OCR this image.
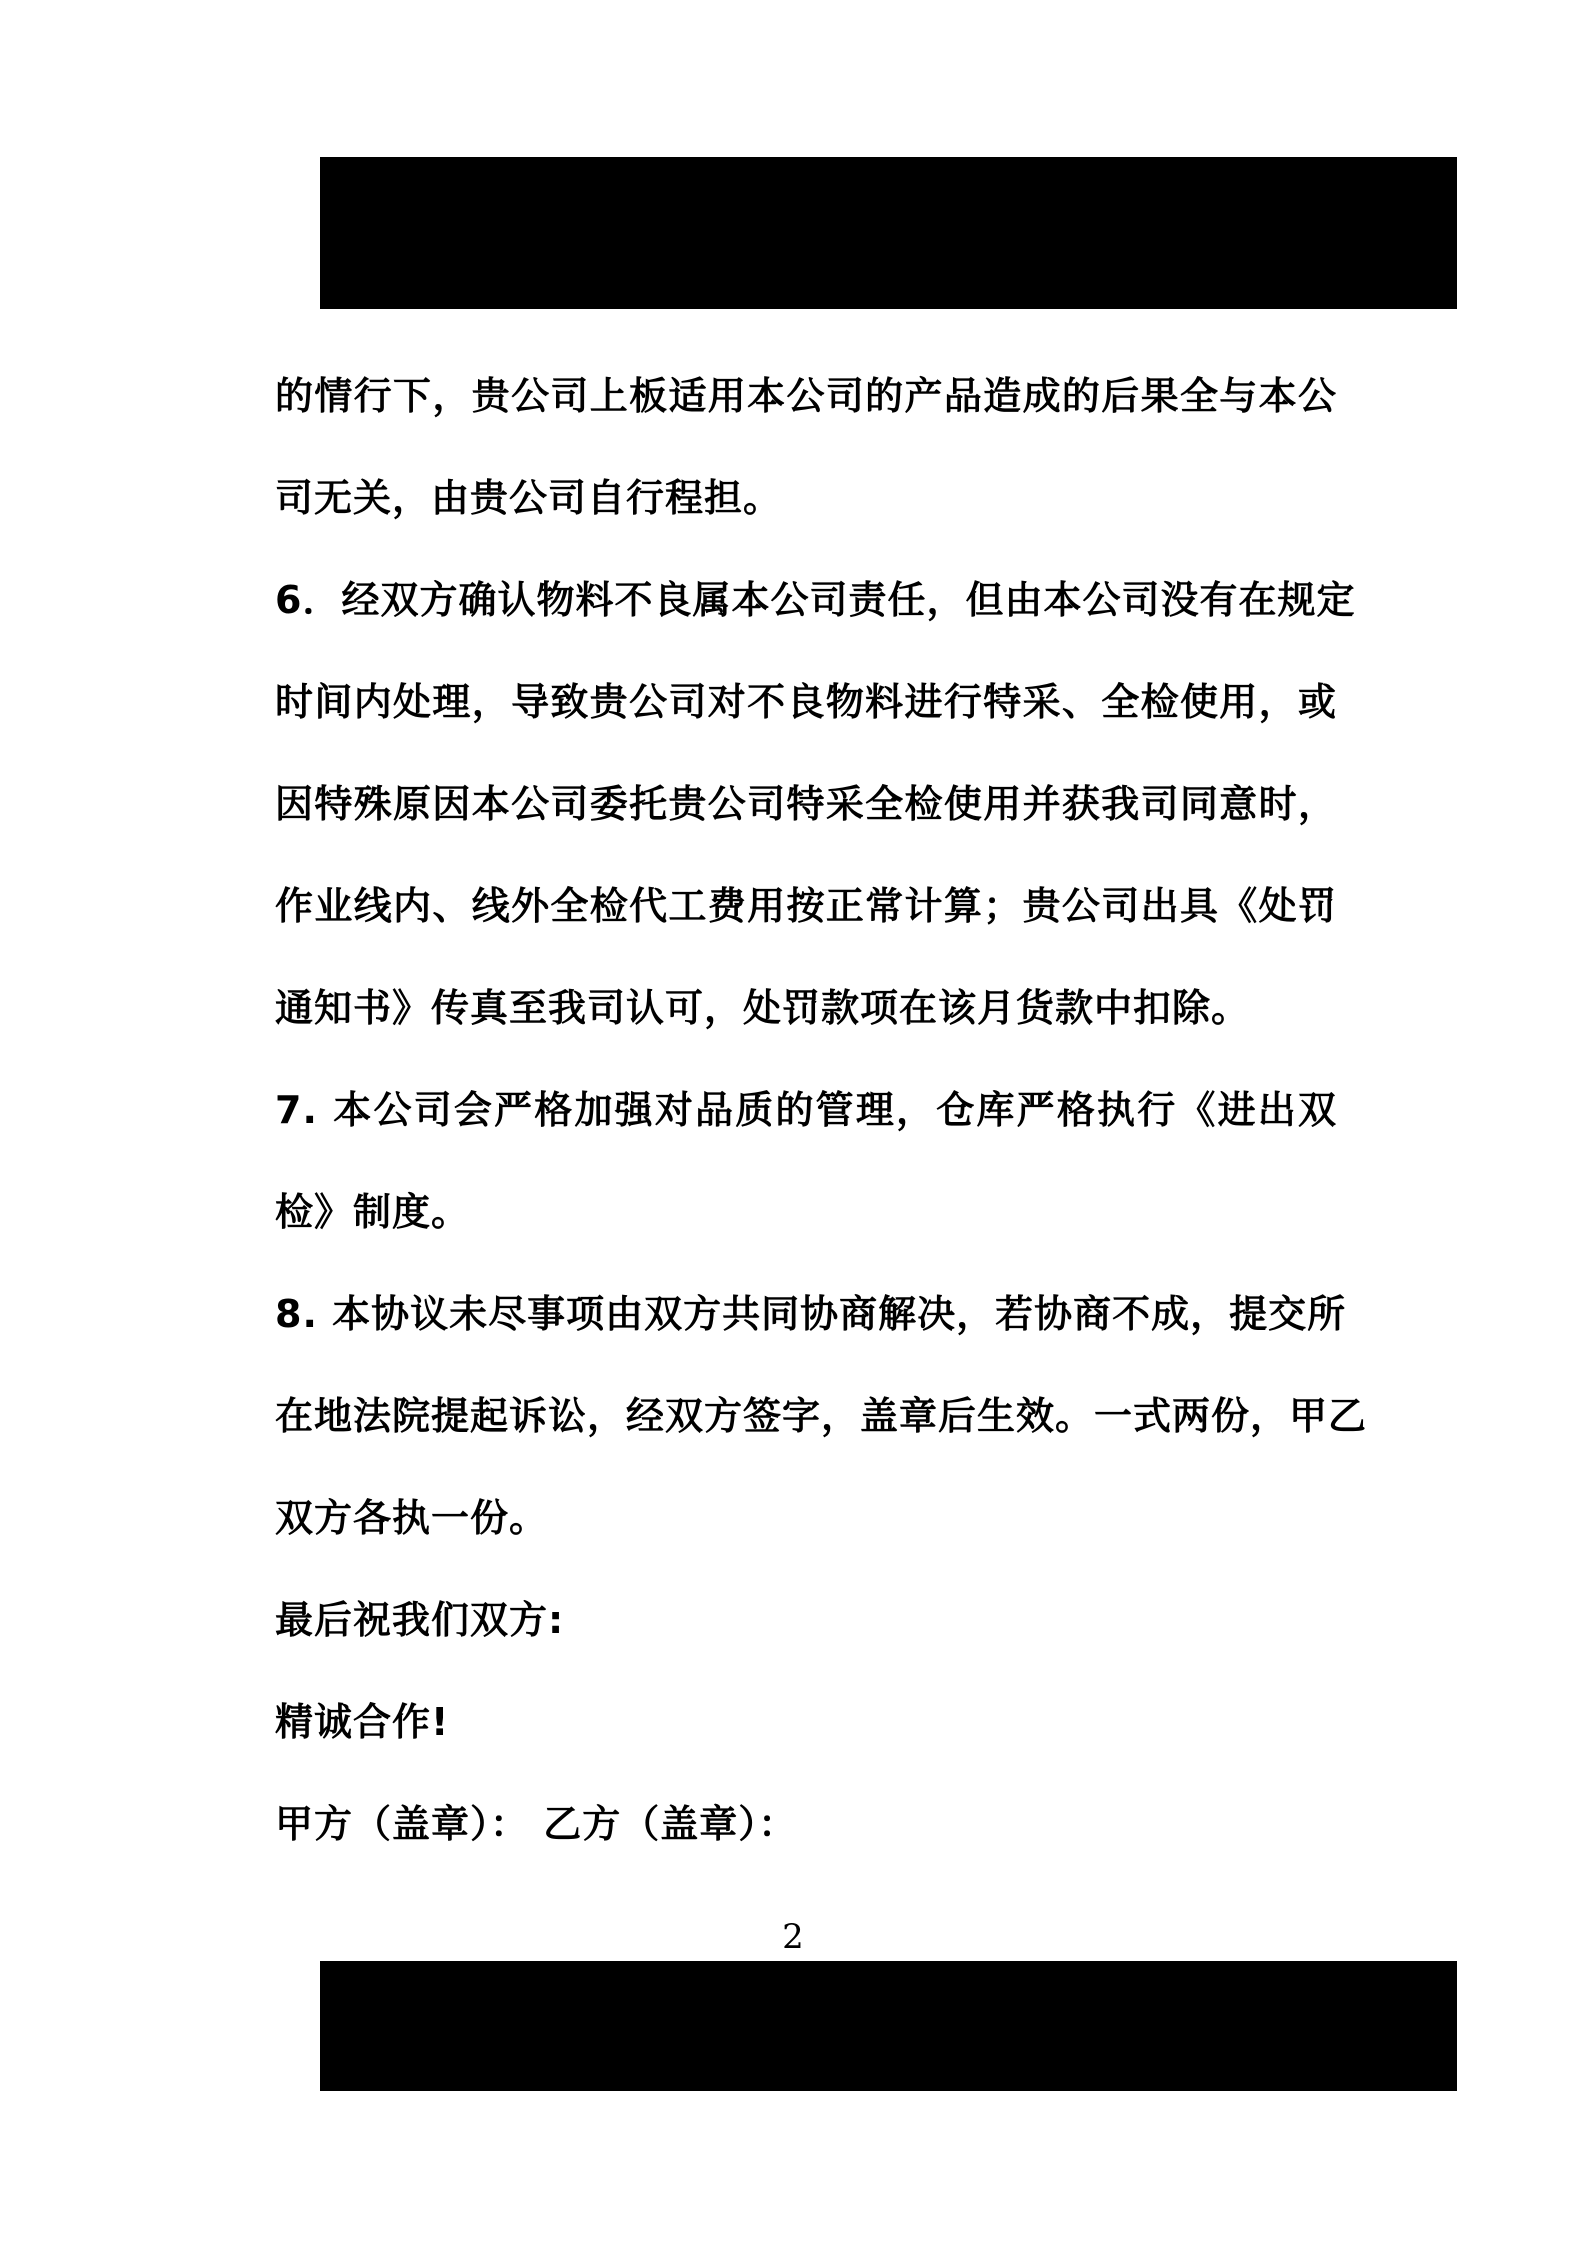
的情行下，贵公司上板适用本公司的产品造成的后果全与本公
司无关，由贵公司自行程担。
6．经双方确认物料不良属本公司责任，但由本公司没有在规定
时间内处理，导致贵公司对不良物料进行特采、全检使用，或
因特殊原因本公司委托贵公司特采全检使用并获我司同意时，
作业线内、线外全检代工费用按正常计算；贵公司出具《处罚
通知书》传真至我司认可，处罚款项在该月货款中扣除。
7. 本公司会严格加强对品质的管理，仓库严格执行《进出双
检》制度。
8. 本协议未尽事项由双方共同协商解决，若协商不成，提交所
在地法院提起诉讼，经双方签字，盖章后生效。一式两份，甲乙
双方各执一份。
最后祝我们双方:
精诚合作!
甲方（盖章）： 乙方（盖章）：
2
